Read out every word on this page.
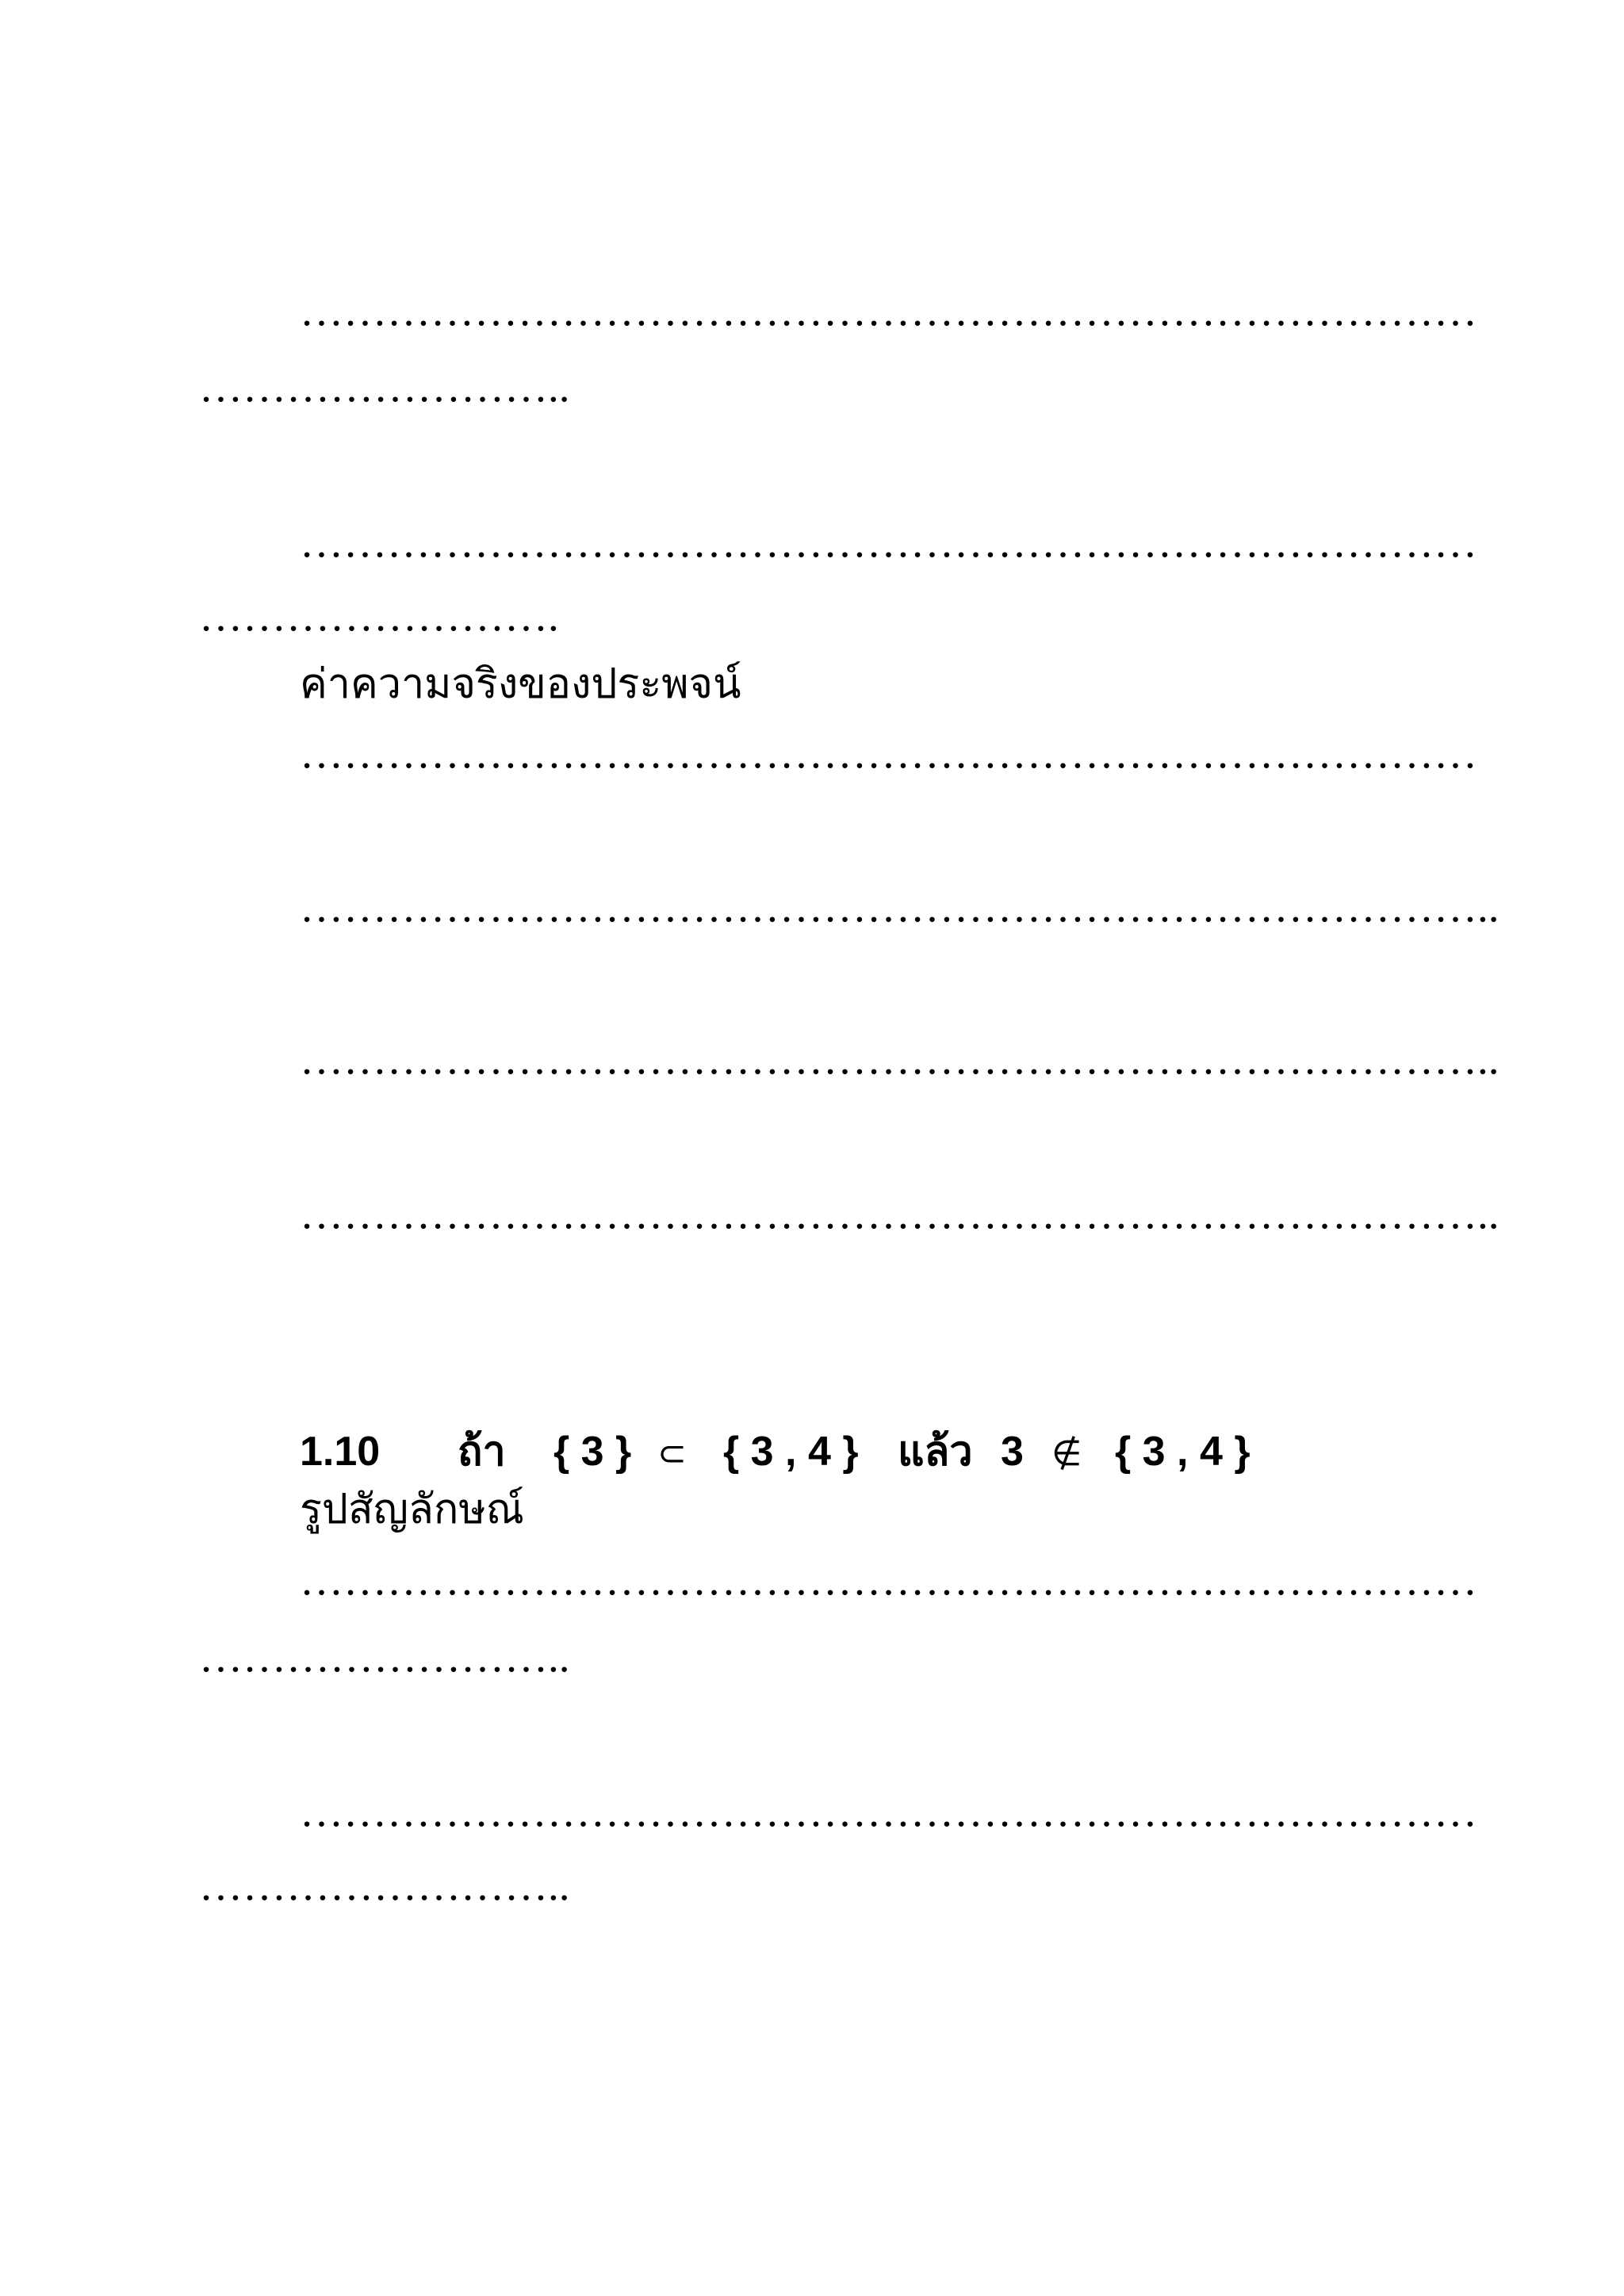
………………………………………………………………………
……………………..
………………………………………………………………………
…………………….
ค่าความจริงของประพจน์
………………………………………………………………………
………………………………………………………………………..
………………………………………………………………………..
………………………………………………………………………..
1.10 ถ้า { 3 } ⊂ { 3 , 4 } แล้ว 3 ∉ { 3 , 4 }
รูปสัญลักษณ์
………………………………………………………………………
……………………..
………………………………………………………………………
……………………..
